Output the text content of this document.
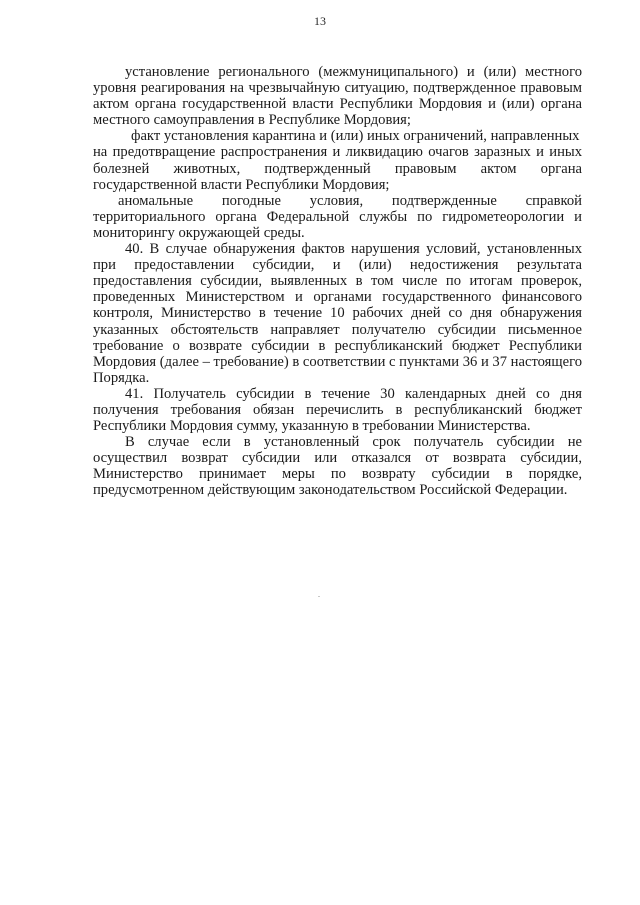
13

установление регионального (межмуниципального) и (или) местного уровня реагирования на чрезвычайную ситуацию, подтвержденное правовым актом органа государственной власти Республики Мордовия и (или) органа местного самоуправления в Республике Мордовия;

факт установления карантина и (или) иных ограничений, направленных

на предотвращение распространения и ликвидацию очагов заразных и иных болезней животных, подтвержденный правовым актом органа государственной власти Республики Мордовия;

аномальные погодные условия, подтвержденные справкой территориального органа Федеральной службы по гидрометеорологии и мониторингу окружающей среды.

40. В случае обнаружения фактов нарушения условий, установленных при предоставлении субсидии, и (или) недостижения результата предоставления субсидии, выявленных в том числе по итогам проверок, проведенных Министерством и органами государственного финансового контроля, Министерство в течение 10 рабочих дней со дня обнаружения указанных обстоятельств направляет получателю субсидии письменное требование о возврате субсидии в республиканский бюджет Республики Мордовия (далее – требование) в соответствии с пунктами 36 и 37 настоящего Порядка.

41. Получатель субсидии в течение 30 календарных дней со дня получения требования обязан перечислить в республиканский бюджет Республики Мордовия сумму, указанную в требовании Министерства.

В случае если в установленный срок получатель субсидии не осуществил возврат субсидии или отказался от возврата субсидии, Министерство принимает меры по возврату субсидии в порядке, предусмотренном действующим законодательством Российской Федерации.
